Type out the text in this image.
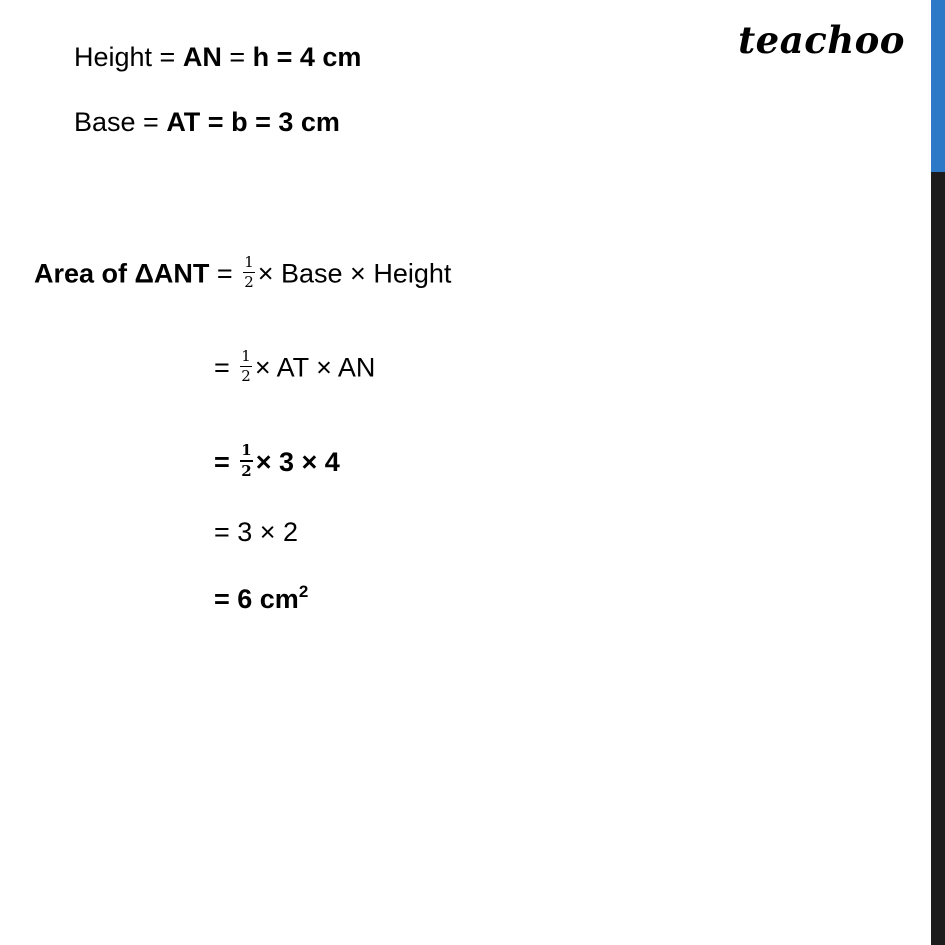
teachoo
Height = AN = h = 4 cm
Base = AT = b = 3 cm
Area of $\Delta ANT = \frac{1}{2}$ × Base × Height
= $\frac{1}{2}$ × AT × AN
= $\frac{1}{2} \times 3 \times 4$
= 3 × 2
= 6 $cm^2$
